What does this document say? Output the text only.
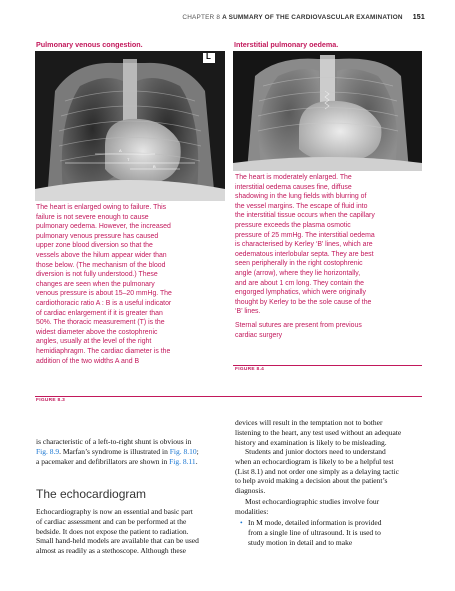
CHAPTER 8 A SUMMARY OF THE CARDIOVASCULAR EXAMINATION 151
Pulmonary venous congestion.
L
A
T
B
The heart is enlarged owing to failure. This
failure is not severe enough to cause
pulmonary oedema. However, the increased
pulmonary venous pressure has caused
upper zone blood diversion so that the
vessels above the hilum appear wider than
those below. (The mechanism of the blood
diversion is not fully understood.) These
changes are seen when the pulmonary
venous pressure is about 15–20 mmHg. The
cardiothoracic ratio A : B is a useful indicator
of cardiac enlargement if it is greater than
50%. The thoracic measurement (T) is the
widest diameter above the costophrenic
angles, usually at the level of the right
hemidiaphragm. The cardiac diameter is the
addition of the two widths A and B
Interstitial pulmonary oedema.
The heart is moderately enlarged. The
interstitial oedema causes fine, diffuse
shadowing in the lung fields with blurring of
the vessel margins. The escape of fluid into
the interstitial tissue occurs when the capillary
pressure exceeds the plasma osmotic
pressure of 25 mmHg. The interstitial oedema
is characterised by Kerley ‘B’ lines, which are
oedematous interlobular septa. They are best
seen peripherally in the right costophrenic
angle (arrow), where they lie horizontally,
and are about 1 cm long. They contain the
engorged lymphatics, which were originally
thought by Kerley to be the sole cause of the
‘B’ lines.
Sternal sutures are present from previous
cardiac surgery
FIGURE 8.4
FIGURE 8.3
is characteristic of a left-to-right shunt is obvious in
Fig. 8.9. Marfan’s syndrome is illustrated in Fig. 8.10;
a pacemaker and defibrillators are shown in Fig. 8.11.
The echocardiogram
Echocardiography is now an essential and basic part
of cardiac assessment and can be performed at the
bedside. It does not expose the patient to radiation.
Small hand-held models are available that can be used
almost as readily as a stethoscope. Although these
devices will result in the temptation not to bother
listening to the heart, any test used without an adequate
history and examination is likely to be misleading.
Students and junior doctors need to understand
when an echocardiogram is likely to be a helpful test
(List 8.1) and not order one simply as a delaying tactic
to help avoid making a decision about the patient’s
diagnosis.
Most echocardiographic studies involve four
modalities:
• In M mode, detailed information is provided
from a single line of ultrasound. It is used to
study motion in detail and to make
